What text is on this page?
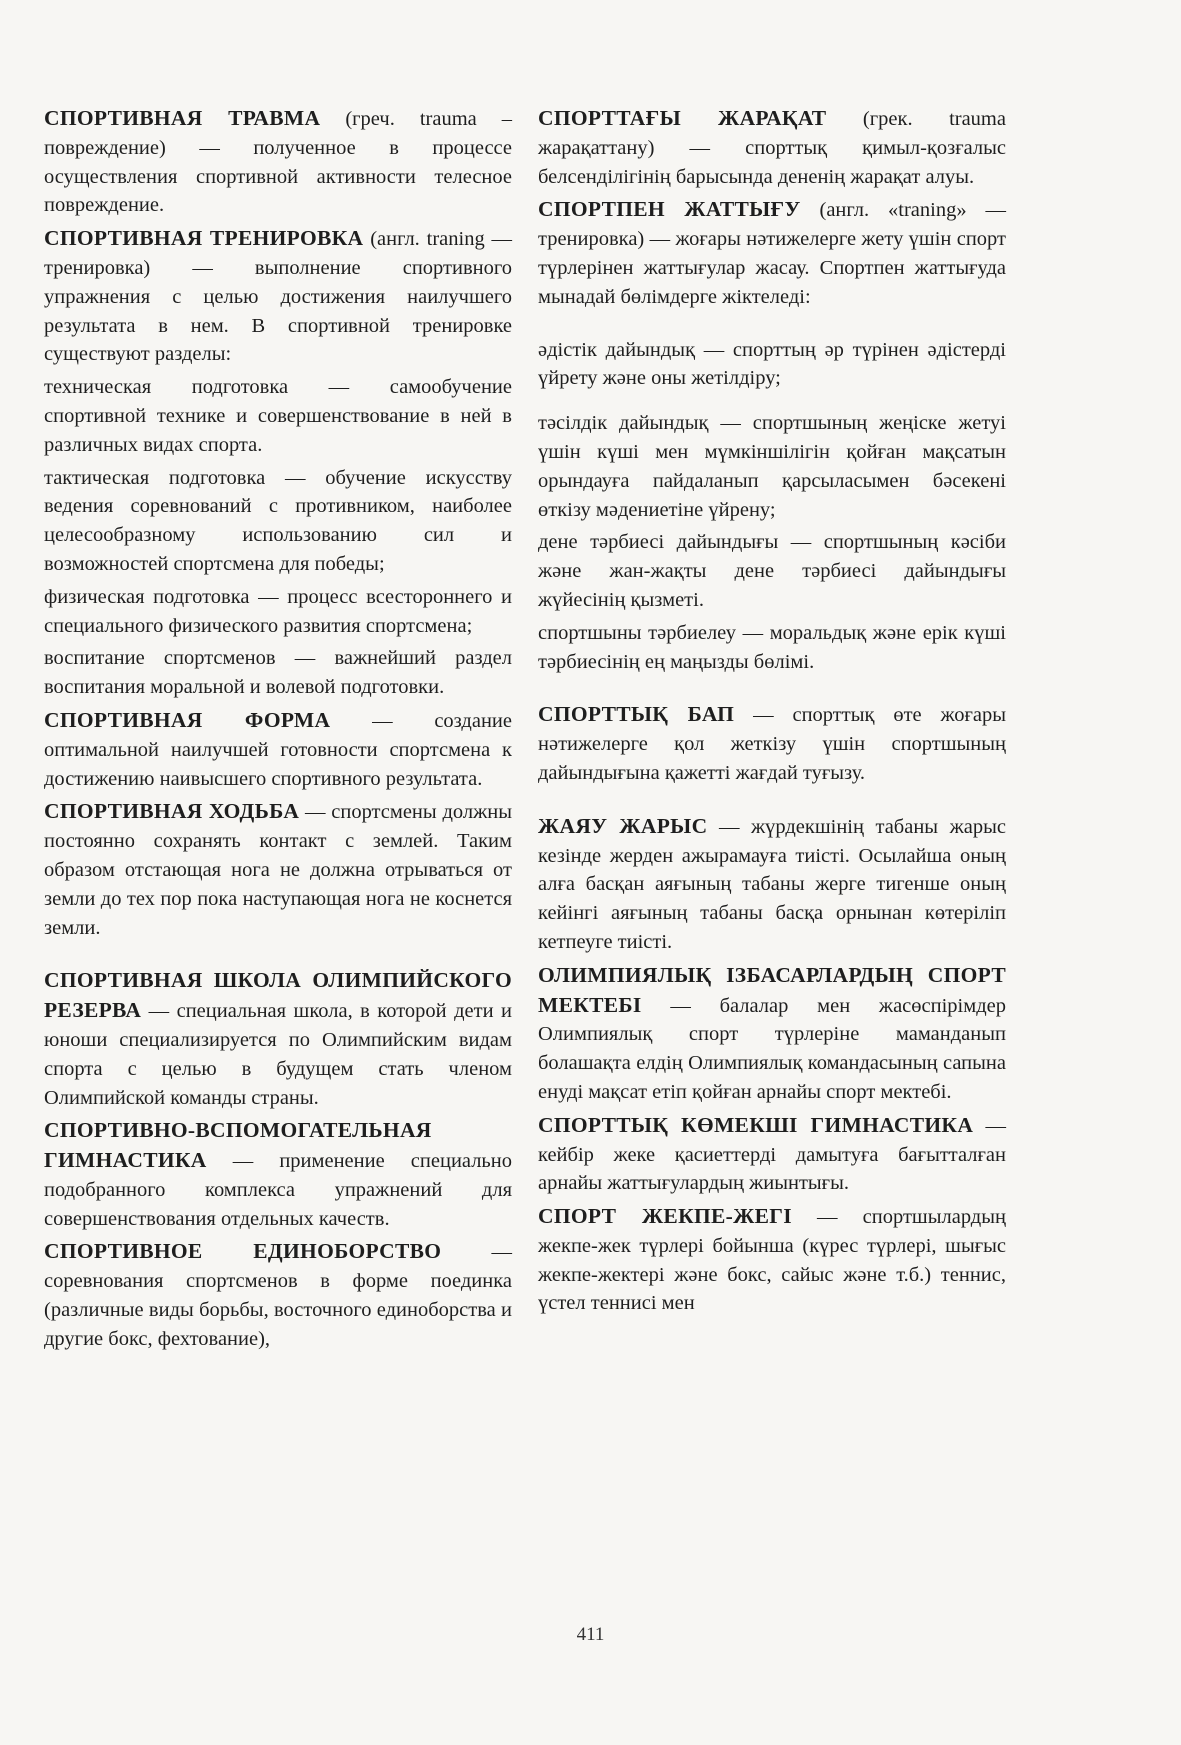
СПОРТИВНАЯ ТРАВМА (греч. trauma – повреждение) — полученное в процессе осуществления спортивной активности телесное повреждение.

СПОРТИВНАЯ ТРЕНИРОВКА (англ. traning — тренировка) — выполнение спортивного упражнения с целью достижения наилучшего результата в нем. В спортивной тренировке существуют разделы:

техническая подготовка — самообучение спортивной технике и совершенствование в ней в различных видах спорта.

тактическая подготовка — обучение искусству ведения соревнований с противником, наиболее целесообразному использованию сил и возможностей спортсмена для победы;

физическая подготовка — процесс всестороннего и специального физического развития спортсмена;

воспитание спортсменов — важнейший раздел воспитания моральной и волевой подготовки.

СПОРТИВНАЯ ФОРМА — создание оптимальной наилучшей готовности спортсмена к достижению наивысшего спортивного результата.

СПОРТИВНАЯ ХОДЬБА — спортсмены должны постоянно сохранять контакт с землей. Таким образом отстающая нога не должна отрываться от земли до тех пор пока наступающая нога не коснется земли.

СПОРТИВНАЯ ШКОЛА ОЛИМПИЙСКОГО РЕЗЕРВА — специальная школа, в которой дети и юноши специализируется по Олимпийским видам спорта с целью в будущем стать членом Олимпийской команды страны.

СПОРТИВНО-ВСПОМОГАТЕЛЬНАЯ ГИМНАСТИКА — применение специально подобранного комплекса упражнений для совершенствования отдельных качеств.

СПОРТИВНОЕ ЕДИНОБОРСТВО — соревнования спортсменов в форме поединка (различные виды борьбы, восточного единоборства и другие бокс, фехтование),

СПОРТТАҒЫ ЖАРАҚАТ (грек. trauma жарақаттану) — спорттық қимыл-қозғалыс белсенділігінің барысында дененің жарақат алуы.

СПОРТПЕН ЖАТТЫҒУ (англ. «traning» — тренировка) — жоғары нәтижелерге жету үшін спорт түрлерінен жаттығулар жасау. Спортпен жаттығуда мынадай бөлімдерге жіктеледі:

әдістік дайындық — спорттың әр түрінен әдістерді үйрету және оны жетілдіру;

тәсілдік дайындық — спортшының жеңіске жетуі үшін күші мен мүмкіншілігін қойған мақсатын орындауға пайдаланып қарсыласымен бәсекені өткізу мәдениетіне үйрену;

дене тәрбиесі дайындығы — спортшының кәсіби және жан-жақты дене тәрбиесі дайындығы жүйесінің қызметі.

спортшыны тәрбиелеу — моральдық және ерік күші тәрбиесінің ең маңызды бөлімі.

СПОРТТЫҚ БАП — спорттық өте жоғары нәтижелерге қол жеткізу үшін спортшының дайындығына қажетті жағдай туғызу.

ЖАЯУ ЖАРЫС — жүрдекшінің табаны жарыс кезінде жерден ажырамауға тиісті. Осылайша оның алға басқан аяғының табаны жерге тигенше оның кейінгі аяғының табаны басқа орнынан көтеріліп кетпеуге тиісті.

ОЛИМПИЯЛЫҚ ІЗБАСАРЛАРДЫҢ СПОРТ МЕКТЕБІ — балалар мен жасөспірімдер Олимпиялық спорт түрлеріне маманданып болашақта елдің Олимпиялық командасының сапына енуді мақсат етіп қойған арнайы спорт мектебі.

СПОРТТЫҚ КӨМЕКШІ ГИМНАСТИКА — кейбір жеке қасиеттерді дамытуға бағытталған арнайы жаттығулардың жиынтығы.

СПОРТ ЖЕКПЕ-ЖЕГІ — спортшылардың жекпе-жек түрлері бойынша (күрес түрлері, шығыс жекпе-жектері және бокс, сайыс және т.б.) теннис, үстел теннисі мен

411
